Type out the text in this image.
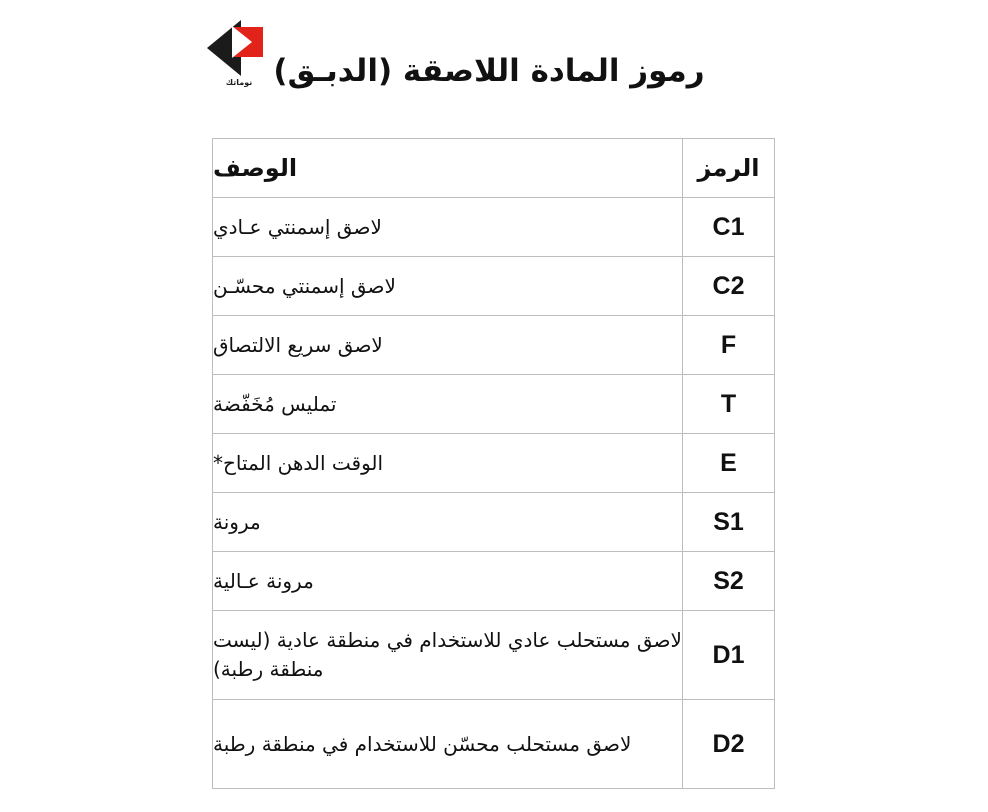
رموز المادة اللاصقة (الدبـق)
نوماتك
الرمز	الوصف
C1	لاصق إسمنتي عـادي
C2	لاصق إسمنتي محسّـن
F	لاصق سريع الالتصاق
T	تمليس مُخَفّضة
E	الوقت الدهن المتاح*
S1	مرونة
S2	مرونة عـالية
D1	لاصق مستحلب عادي للاستخدام في منطقة عادية (ليست منطقة رطبة)
D2	لاصق مستحلب محسّن للاستخدام في منطقة رطبة
